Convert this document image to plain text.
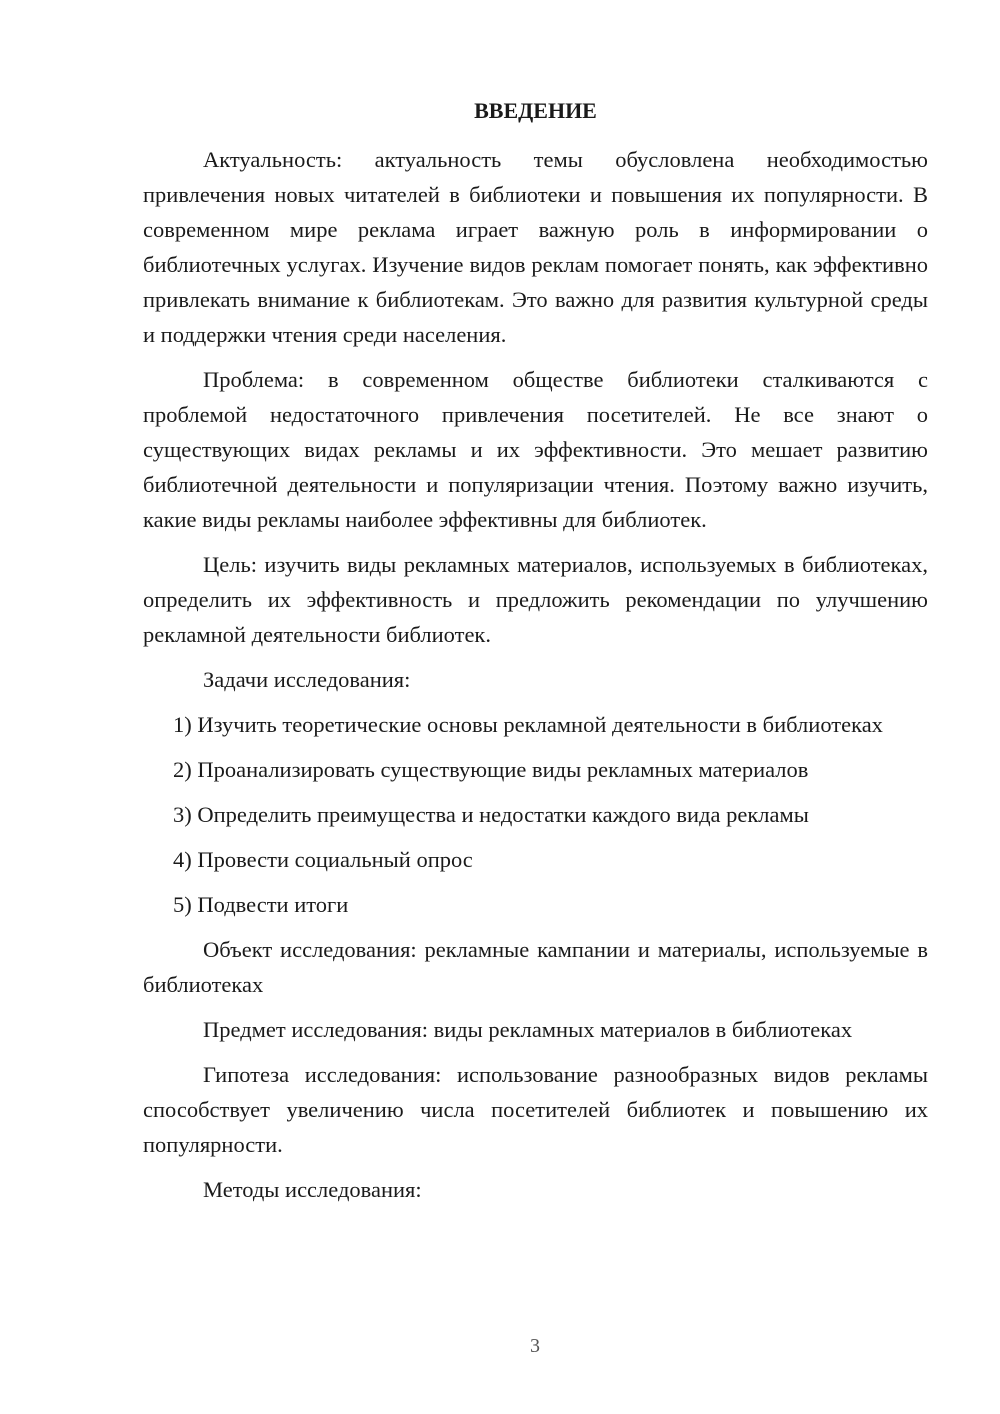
ВВЕДЕНИЕ

Актуальность: актуальность темы обусловлена необходимостью привлечения новых читателей в библиотеки и повышения их популярности. В современном мире реклама играет важную роль в информировании о библиотечных услугах. Изучение видов реклам помогает понять, как эффективно привлекать внимание к библиотекам. Это важно для развития культурной среды и поддержки чтения среди населения.

Проблема: в современном обществе библиотеки сталкиваются с проблемой недостаточного привлечения посетителей. Не все знают о существующих видах рекламы и их эффективности. Это мешает развитию библиотечной деятельности и популяризации чтения. Поэтому важно изучить, какие виды рекламы наиболее эффективны для библиотек.

Цель: изучить виды рекламных материалов, используемых в библиотеках, определить их эффективность и предложить рекомендации по улучшению рекламной деятельности библиотек.

Задачи исследования:

1) Изучить теоретические основы рекламной деятельности в библиотеках

2) Проанализировать существующие виды рекламных материалов

3) Определить преимущества и недостатки каждого вида рекламы

4) Провести социальный опрос

5) Подвести итоги

Объект исследования: рекламные кампании и материалы, используемые в библиотеках

Предмет исследования: виды рекламных материалов в библиотеках

Гипотеза исследования: использование разнообразных видов рекламы способствует увеличению числа посетителей библиотек и повышению их популярности.

Методы исследования:

3
